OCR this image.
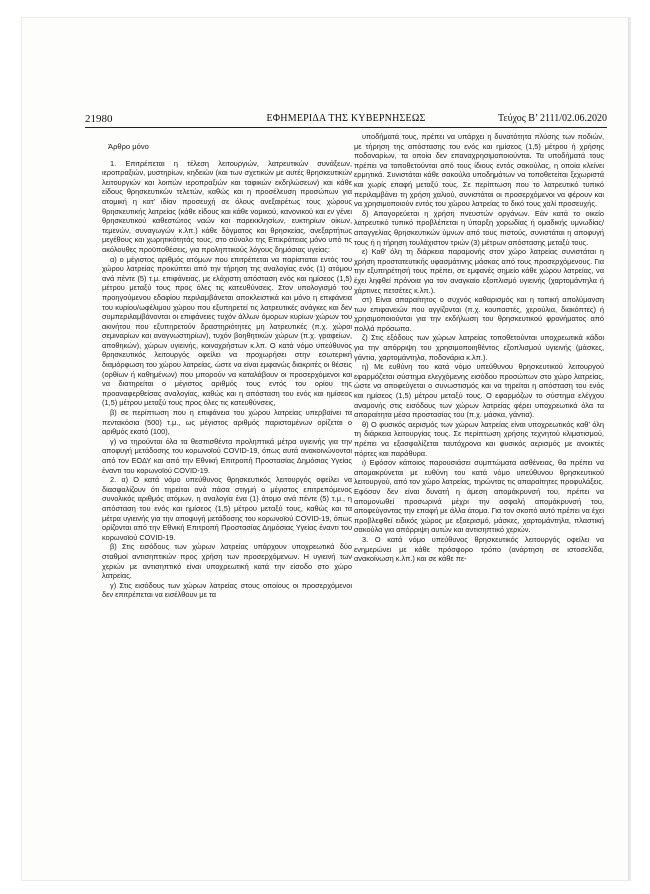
21980	ΕΦΗΜΕΡΙΔΑ ΤΗΣ ΚΥΒΕΡΝΗΣΕΩΣ	Τεύχος Β’ 2111/02.06.2020

Άρθρο μόνο

1. Επιτρέπεται η τέλεση λειτουργιών, λατρευτικών συνάξεων, ιεροπραξιών, μυστηρίων, κηδειών (και των σχετικών με αυτές θρησκευτικών λειτουργιών και λοιπών ιεροπραξιών και ταφικών εκδηλώσεων) και κάθε είδους θρησκευτικών τελετών, καθώς και η προσέλευση προσώπων για ατομική η κατ’ ιδίαν προσευχή σε όλους ανεξαιρέτως τους χώρους θρησκευτικής λατρείας (κάθε είδους και κάθε νομικού, κανονικού και εν γένει θρησκευτικού καθεστώτος ναών και παρεκκλησίων, ευκτηρίων οίκων, τεμενών, συναγωγών κ.λπ.) κάθε δόγματος και θρησκείας, ανεξαρτήτως μεγέθους και χωρητικότητάς τους, στο σύνολο της Επικράτειας μόνο υπό τις ακόλουθες προϋποθέσεις, για προληπτικούς λόγους δημόσιας υγείας:

α) ο μέγιστος αριθμός ατόμων που επιτρέπεται να παρίσταται εντός του χώρου λατρείας προκύπτει από την τήρηση της αναλογίας ενός (1) ατόμου ανά πέντε (5) τ.μ. επιφάνειας, με ελάχιστη απόσταση ενός και ημίσεος (1,5) μέτρου μεταξύ τους προς όλες τις κατευθύνσεις. Στον υπολογισμό του προηγούμενου εδαφίου περιλαμβάνεται αποκλειστικά και μόνο η επιφάνεια του κυρίου/ωφέλιμου χώρου που εξυπηρετεί τις λατρευτικές ανάγκες και δεν συμπεριλαμβάνονται οι επιφάνειες τυχόν άλλων όμορων κυρίων χώρων του ακινήτου που εξυπηρετούν δραστηριότητες μη λατρευτικές (π.χ. χώροι σεμιναρίων και αναγνωστηρίων), τυχόν βοηθητικών χώρων (π.χ. γραφείων, αποθηκών), χώρων υγιεινής, κοινοχρήστων κ.λπ. Ο κατά νόμο υπεύθυνος θρησκευτικός λειτουργός οφείλει να προχωρήσει στην εσωτερική διαμόρφωση του χώρου λατρείας, ώστε να είναι εμφανώς διακριτές οι θέσεις (ορθίων ή καθημένων) που μπορούν να καταλάβουν οι προσερχόμενοι και να διατηρείται ο μέγιστος αριθμός τους εντός του ορίου της προαναφερθείσας αναλογίας, καθώς και η απόσταση του ενός και ημίσεος (1,5) μέτρου μεταξύ τους προς όλες τις κατευθύνσεις,

β) σε περίπτωση που η επιφάνεια του χώρου λατρείας υπερβαίνει τα πεντακόσια (500) τ.μ., ως μέγιστος αριθμός παρισταμένων ορίζεται ο αριθμός εκατό (100),

γ) να τηρούνται όλα τα θεσπισθέντα προληπτικά μέτρα υγιεινής για την αποφυγή μετάδοσης του κορωνοϊού COVID-19, όπως αυτά ανακοινώνονται από τον ΕΟΔΥ και από την Εθνική Επιτροπή Προστασίας Δημόσιας Υγείας έναντι του κορωνοϊού COVID-19.

2. α) Ο κατά νόμο υπεύθυνος θρησκευτικός λειτουργός οφείλει να διασφαλίζουν ότι τηρείται ανά πάσα στιγμή ο μέγιστος επιτρεπόμενος συνολικός αριθμός ατόμων, η αναλογία ένα (1) άτομο ανά πέντε (5) τ.μ., η απόσταση του ενός και ημίσεος (1,5) μέτρου μεταξύ τους, καθώς και τα μέτρα υγιεινής για την αποφυγή μετάδοσης του κορωνοϊού COVID-19, όπως ορίζονται από την Εθνική Επιτροπή Προστασίας Δημόσιας Υγείας έναντι του κορωνοϊού COVID-19.

β) Στις εισόδους των χώρων λατρείας υπάρχουν υποχρεωτικά δύο σταθμοί αντισηπτικών προς χρήση των προσερχόμενων. Η υγιεινή των χεριών με αντισηπτικό είναι υποχρεωτική κατά την είσοδο στο χώρο λατρείας.

γ) Στις εισόδους των χώρων λατρείας στους οποίους οι προσερχόμενοι δεν επιτρέπεται να εισέλθουν με τα

υποδήματά τους, πρέπει να υπάρχει η δυνατότητα πλύσης των ποδιών, με τήρηση της απόστασης του ενός και ημίσεος (1,5) μέτρου ή χρήσης ποδοναρίων, τα οποία δεν επαναχρησιμοποιούνται. Τα υποδήματά τους πρέπει να τοποθετούνται από τους ίδιους εντός σακούλας, η οποία κλείνει ερμητικά. Συνιστάται κάθε σακούλα υποδημάτων να τοποθετείται ξεχωριστά και χωρίς επαφή μεταξύ τους. Σε περίπτωση που το λατρευτικό τυπικό περιλαμβάνει τη χρήση χαλιού, συνιστάται οι προσερχόμενοι να φέρουν και να χρησιμοποιούν εντός του χώρου λατρείας το δικό τους χαλί προσευχής.

δ) Απαγορεύεται η χρήση πνευστών οργάνων. Εάν κατά το οικείο λατρευτικό τυπικό προβλέπεται η ύπαρξη χορωδίας ή ομαδικής υμνωδίας/απαγγελίας θρησκευτικών ύμνων από τους πιστούς, συνιστάται η αποφυγή τους ή η τήρηση τουλάχιστον τριών (3) μέτρων απόστασης μεταξύ τους.

ε) Καθ’ όλη τη διάρκεια παραμονής στον χώρο λατρείας συνιστάται η χρήση προστατευτικής υφασμάτινης μάσκας από τους προσερχόμενους. Για την εξυπηρέτησή τους πρέπει, σε εμφανές σημείο κάθε χώρου λατρείας, να έχει ληφθεί πρόνοια για τον αναγκαίο εξοπλισμό υγιεινής (χαρτομάντηλα ή χάρτινες πετσέτες κ.λπ.).

στ) Είναι απαραίτητος ο συχνός καθαρισμός και η τοπική απολύμανση των επιφανειών που αγγίζονται (π.χ. κουπαστές, χερούλια, διακόπτες) ή χρησιμοποιούνται για την εκδήλωση του θρησκευτικού φρονήματος από πολλά πρόσωπα.

ζ) Στις εξόδους των χώρων λατρείας τοποθετούνται υποχρεωτικά κάδοι για την απόρριψη του χρησιμοποιηθέντος εξοπλισμού υγιεινής (μάσκες, γάντια, χαρτομάντηλα, ποδονάρια κ.λπ.).

η) Με ευθύνη του κατά νόμο υπεύθυνου θρησκευτικού λειτουργού εφαρμόζεται σύστημα ελεγχόμενης εισόδου προσώπων στο χώρο λατρείας, ώστε να αποφεύγεται ο συνωστισμός και να τηρείται η απόσταση του ενός και ημίσεος (1,5) μέτρου μεταξύ τους. Ο εφαρμόζων το σύστημα ελέγχου αναμονής στις εισόδους των χώρων λατρείας φέρει υποχρεωτικά όλα τα απαραίτητα μέσα προστασίας του (π.χ. μάσκα, γάντια).

θ) Ο φυσικός αερισμός των χώρων λατρείας είναι υποχρεωτικός καθ’ όλη τη διάρκεια λειτουργίας τους. Σε περίπτωση χρήσης τεχνητού κλιματισμού, πρέπει να εξασφαλίζεται ταυτόχρονα και φυσικός αερισμός με ανοικτές πόρτες και παράθυρα.

ι) Εφόσον κάποιος παρουσιάσει συμπτώματα ασθένειας, θα πρέπει να απομακρύνεται με ευθύνη του κατά νόμο υπεύθυνου θρησκευτικού λειτουργού, από τον χώρο λατρείας, τηρώντας τις απαραίτητες προφυλάξεις. Εφόσον δεν είναι δυνατή η άμεση απομάκρυνσή του, πρέπει να απομονωθεί προσωρινά μέχρι την ασφαλή απομάκρυνσή του, αποφεύγοντας την επαφή με άλλα άτομα. Για τον σκοπό αυτό πρέπει να έχει προβλεφθεί ειδικός χώρος με εξαερισμό, μάσκες, χαρτομάντηλα, πλαστική σακούλα για απόρριψη αυτών και αντισηπτικό χεριών.

3. Ο κατά νόμο υπεύθυνος θρησκευτικός λειτουργός οφείλει να ενημερώνει με κάθε πρόσφορο τρόπο (ανάρτηση σε ιστοσελίδα, ανακοίνωση κ.λπ.) και σε κάθε πε-
